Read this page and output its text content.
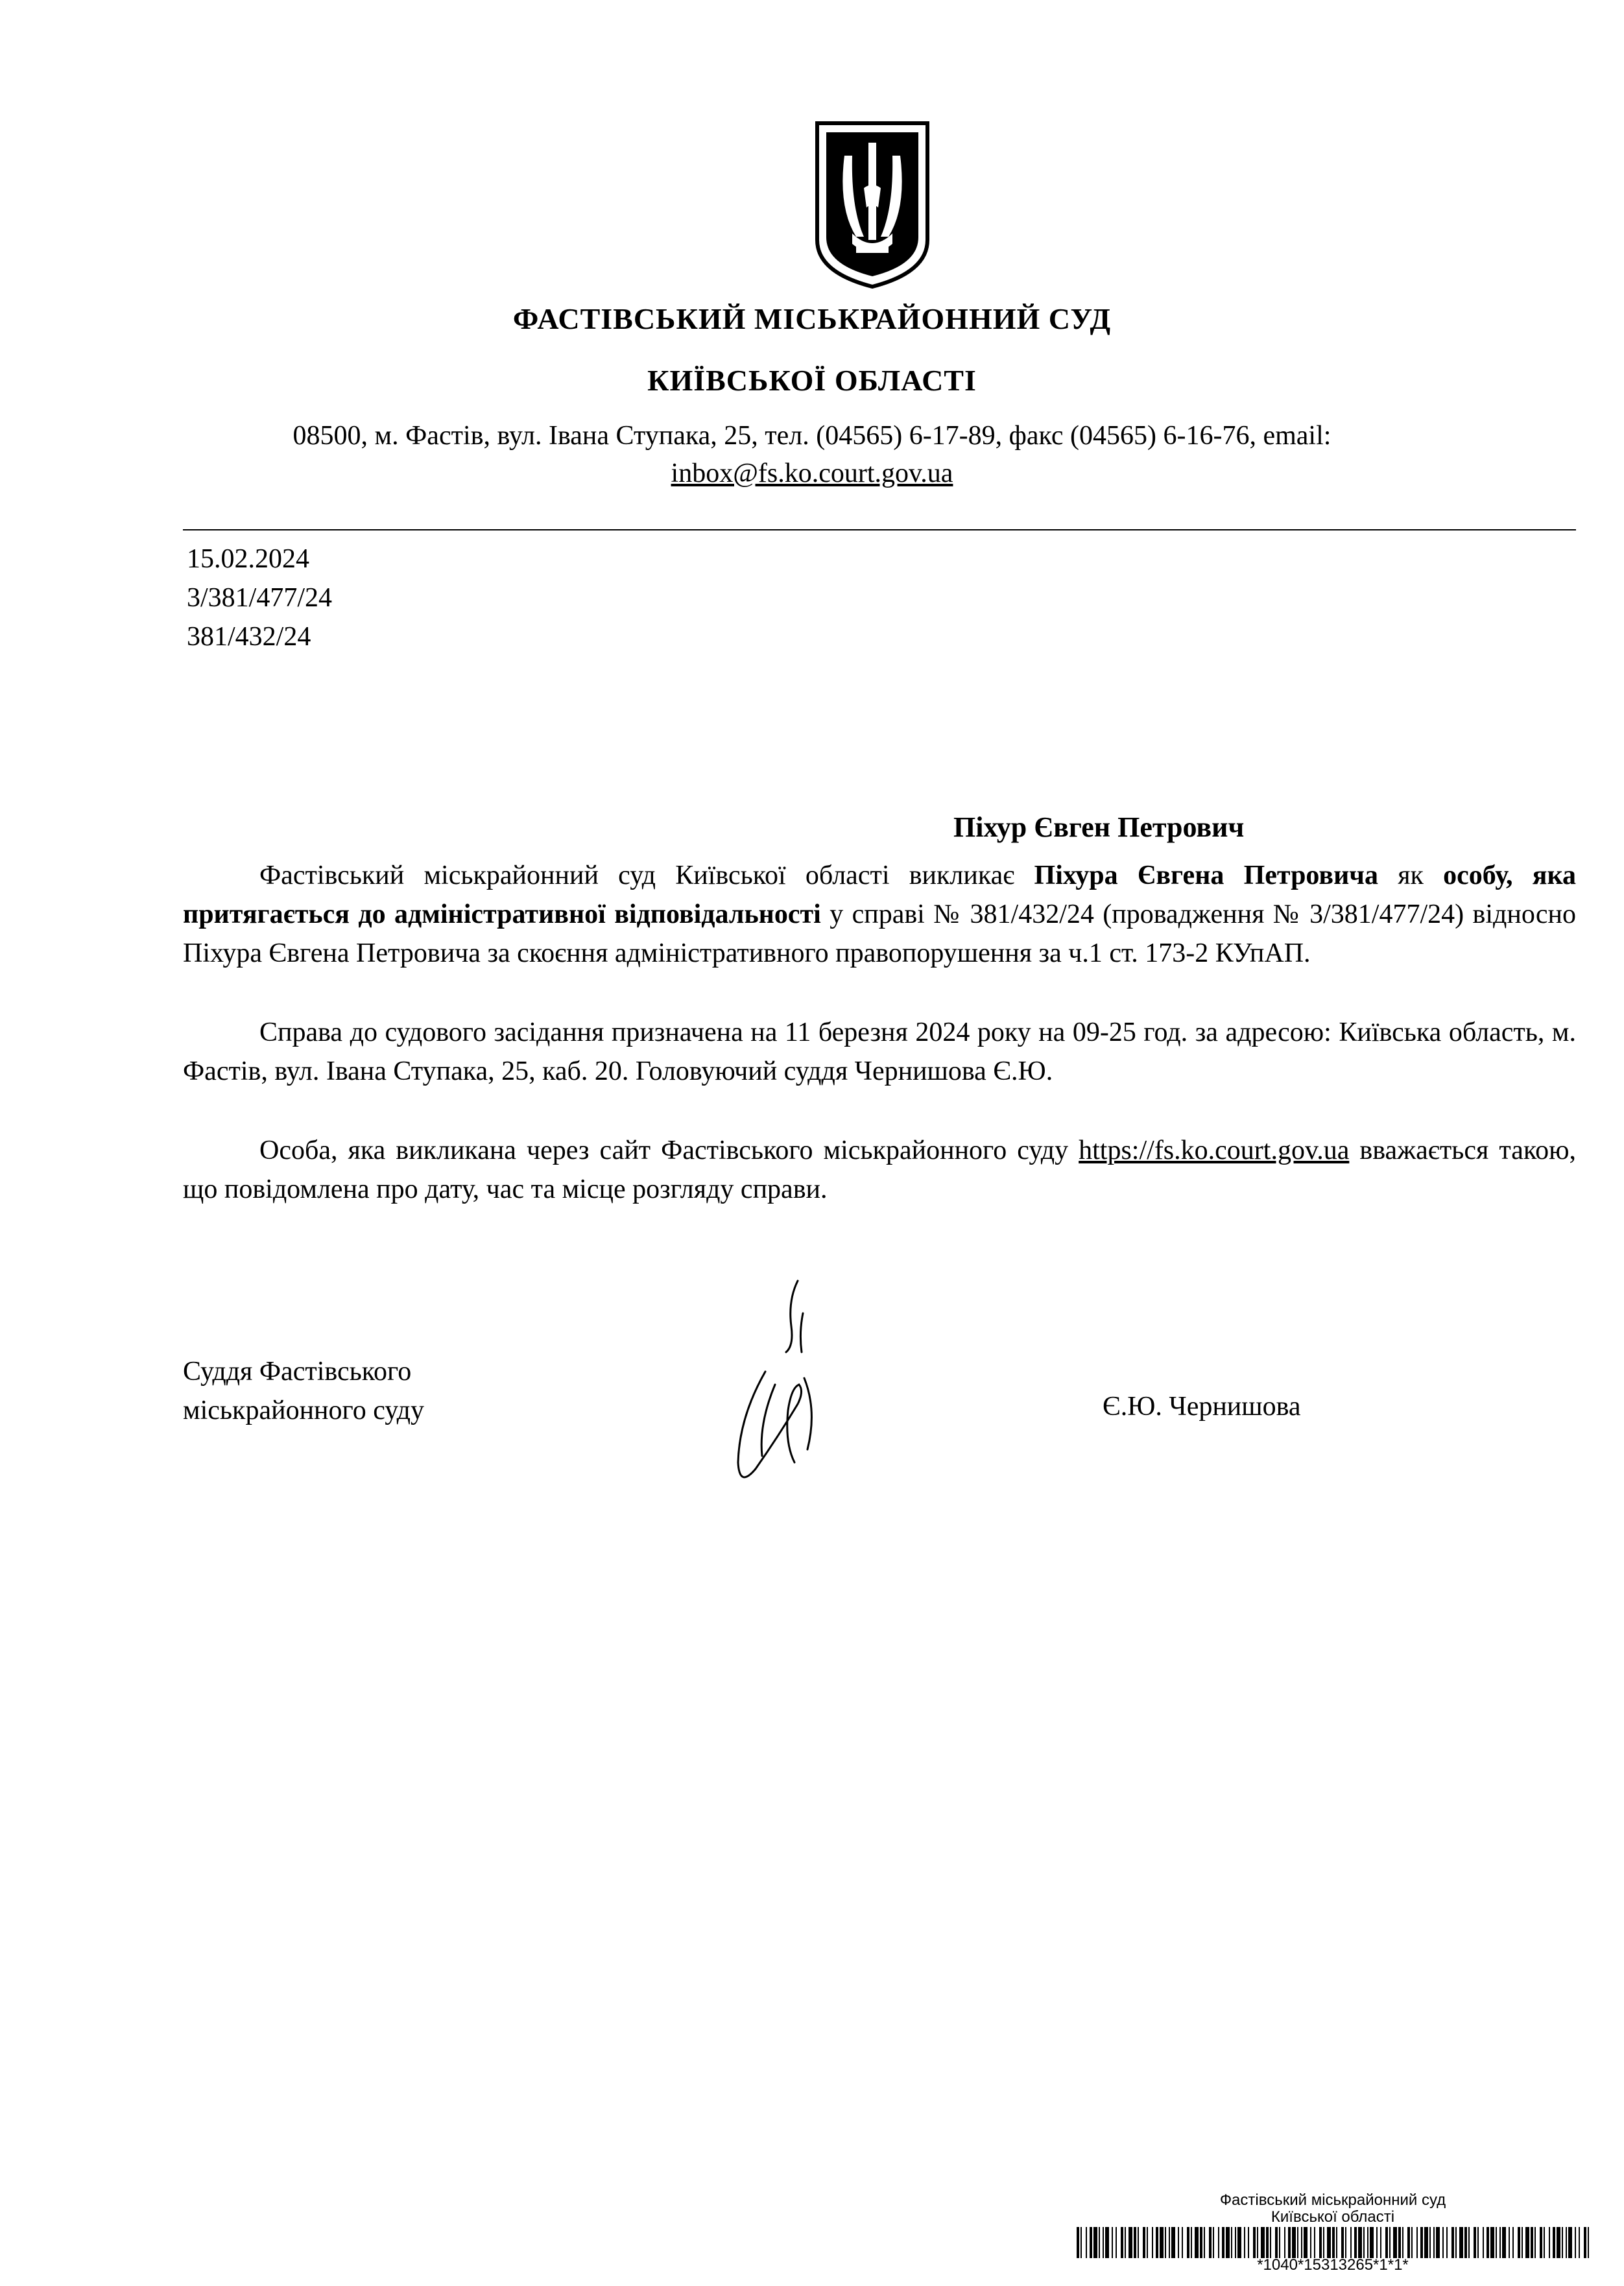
ФАСТІВСЬКИЙ МІСЬКРАЙОННИЙ СУД
КИЇВСЬКОЇ ОБЛАСТІ
08500, м. Фастів, вул. Івана Ступака, 25, тел. (04565) 6-17-89, факс (04565) 6-16-76, email:
inbox@fs.ko.court.gov.ua
15.02.2024
3/381/477/24
381/432/24
Піхур Євген Петрович
Фастівський міськрайонний суд Київської області викликає Піхура Євгена Петровича як особу, яка притягається до адміністративної відповідальності у справі № 381/432/24 (провадження № 3/381/477/24) відносно Піхура Євгена Петровича за скоєння адміністративного правопорушення за ч.1 ст. 173-2 КУпАП.
Справа до судового засідання призначена на 11 березня 2024 року на 09-25 год. за адресою: Київська область, м. Фастів, вул. Івана Ступака, 25, каб. 20. Головуючий суддя Чернишова Є.Ю.
Особа, яка викликана через сайт Фастівського міськрайонного суду https://fs.ko.court.gov.ua вважається такою, що повідомлена про дату, час та місце розгляду справи.
Суддя Фастівського
міськрайонного суду	Є.Ю. Чернишова
Фастівський міськрайонний суд
Київської області
*1040*15313265*1*1*
